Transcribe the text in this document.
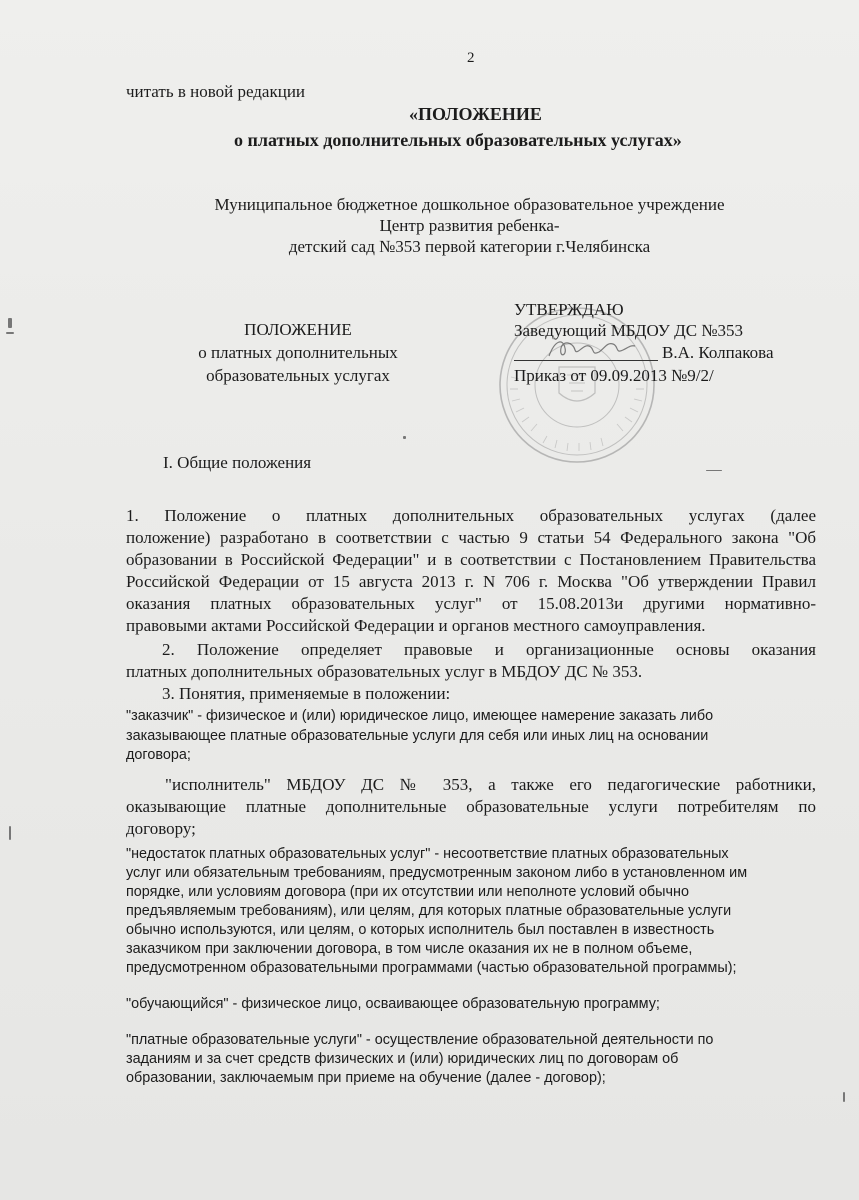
2
читать в новой редакции
«ПОЛОЖЕНИЕ
о платных дополнительных образовательных услугах»
Муниципальное бюджетное дошкольное образовательное учреждение
Центр развития ребенка-
детский сад №353 первой категории г.Челябинска
ПОЛОЖЕНИЕ
о платных дополнительных
образовательных услугах
УТВЕРЖДАЮ
Заведующий МБДОУ ДС №353
В.А. Колпакова
Приказ от 09.09.2013 №9/2/
I. Общие положения
1. Положение о платных дополнительных образовательных услугах (далее
положение) разработано в соответствии с частью 9 статьи 54 Федерального закона "Об
образовании в Российской Федерации" и в соответствии с Постановлением Правительства
Российской Федерации от 15 августа 2013 г. N 706 г. Москва "Об утверждении Правил
оказания платных образовательных услуг" от 15.08.2013и другими нормативно-
правовыми актами Российской Федерации и органов местного самоуправления.
2. Положение определяет правовые и организационные основы оказания
платных дополнительных образовательных услуг в МБДОУ ДС № 353.
3. Понятия, применяемые в положении:
"заказчик" - физическое и (или) юридическое лицо, имеющее намерение заказать либо
заказывающее платные образовательные услуги для себя или иных лиц на основании
договора;
"исполнитель" МБДОУ ДС № 353, а также его педагогические работники,
оказывающие платные дополнительные образовательные услуги потребителям по
договору;
"недостаток платных образовательных услуг" - несоответствие платных образовательных
услуг или обязательным требованиям, предусмотренным законом либо в установленном им
порядке, или условиям договора (при их отсутствии или неполноте условий обычно
предъявляемым требованиям), или целям, для которых платные образовательные услуги
обычно используются, или целям, о которых исполнитель был поставлен в известность
заказчиком при заключении договора, в том числе оказания их не в полном объеме,
предусмотренном образовательными программами (частью образовательной программы);
"обучающийся" - физическое лицо, осваивающее образовательную программу;
"платные образовательные услуги" - осуществление образовательной деятельности по
заданиям и за счет средств физических и (или) юридических лиц по договорам об
образовании, заключаемым при приеме на обучение (далее - договор);
